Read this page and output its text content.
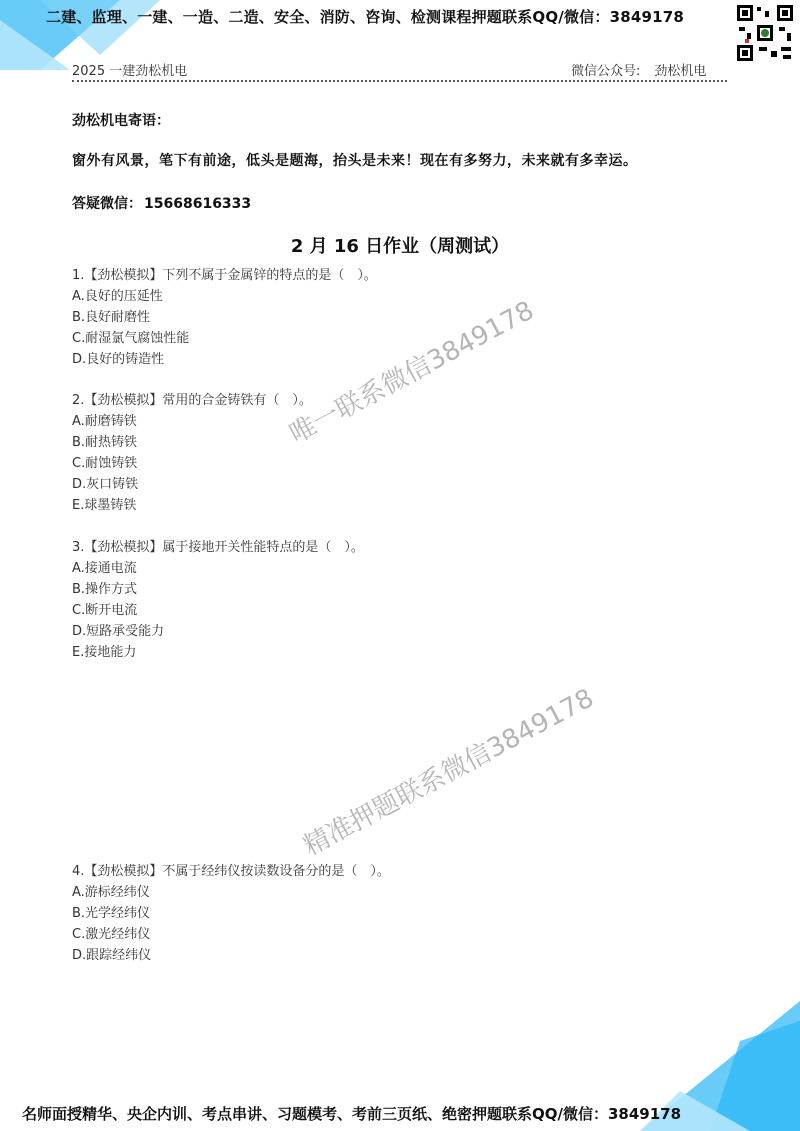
二建、监理、一建、一造、二造、安全、消防、咨询、检测课程押题联系QQ/微信：3849178
2025 一建劲松机电	微信公众号: 劲松机电
劲松机电寄语：
窗外有风景，笔下有前途，低头是题海，抬头是未来！现在有多努力，未来就有多幸运。
答疑微信： 15668616333
2 月 16 日作业（周测试）
1.【劲松模拟】下列不属于金属锌的特点的是（　）。
A.良好的压延性
B.良好耐磨性
C.耐湿氯气腐蚀性能
D.良好的铸造性
2.【劲松模拟】常用的合金铸铁有（　）。
A.耐磨铸铁
B.耐热铸铁
C.耐蚀铸铁
D.灰口铸铁
E.球墨铸铁
3.【劲松模拟】属于接地开关性能特点的是（　）。
A.接通电流
B.操作方式
C.断开电流
D.短路承受能力
E.接地能力
4.【劲松模拟】不属于经纬仪按读数设备分的是（　）。
A.游标经纬仪
B.光学经纬仪
C.激光经纬仪
D.跟踪经纬仪
唯一联系微信3849178
精准押题联系微信3849178
名师面授精华、央企内训、考点串讲、习题模考、考前三页纸、绝密押题联系QQ/微信：3849178
